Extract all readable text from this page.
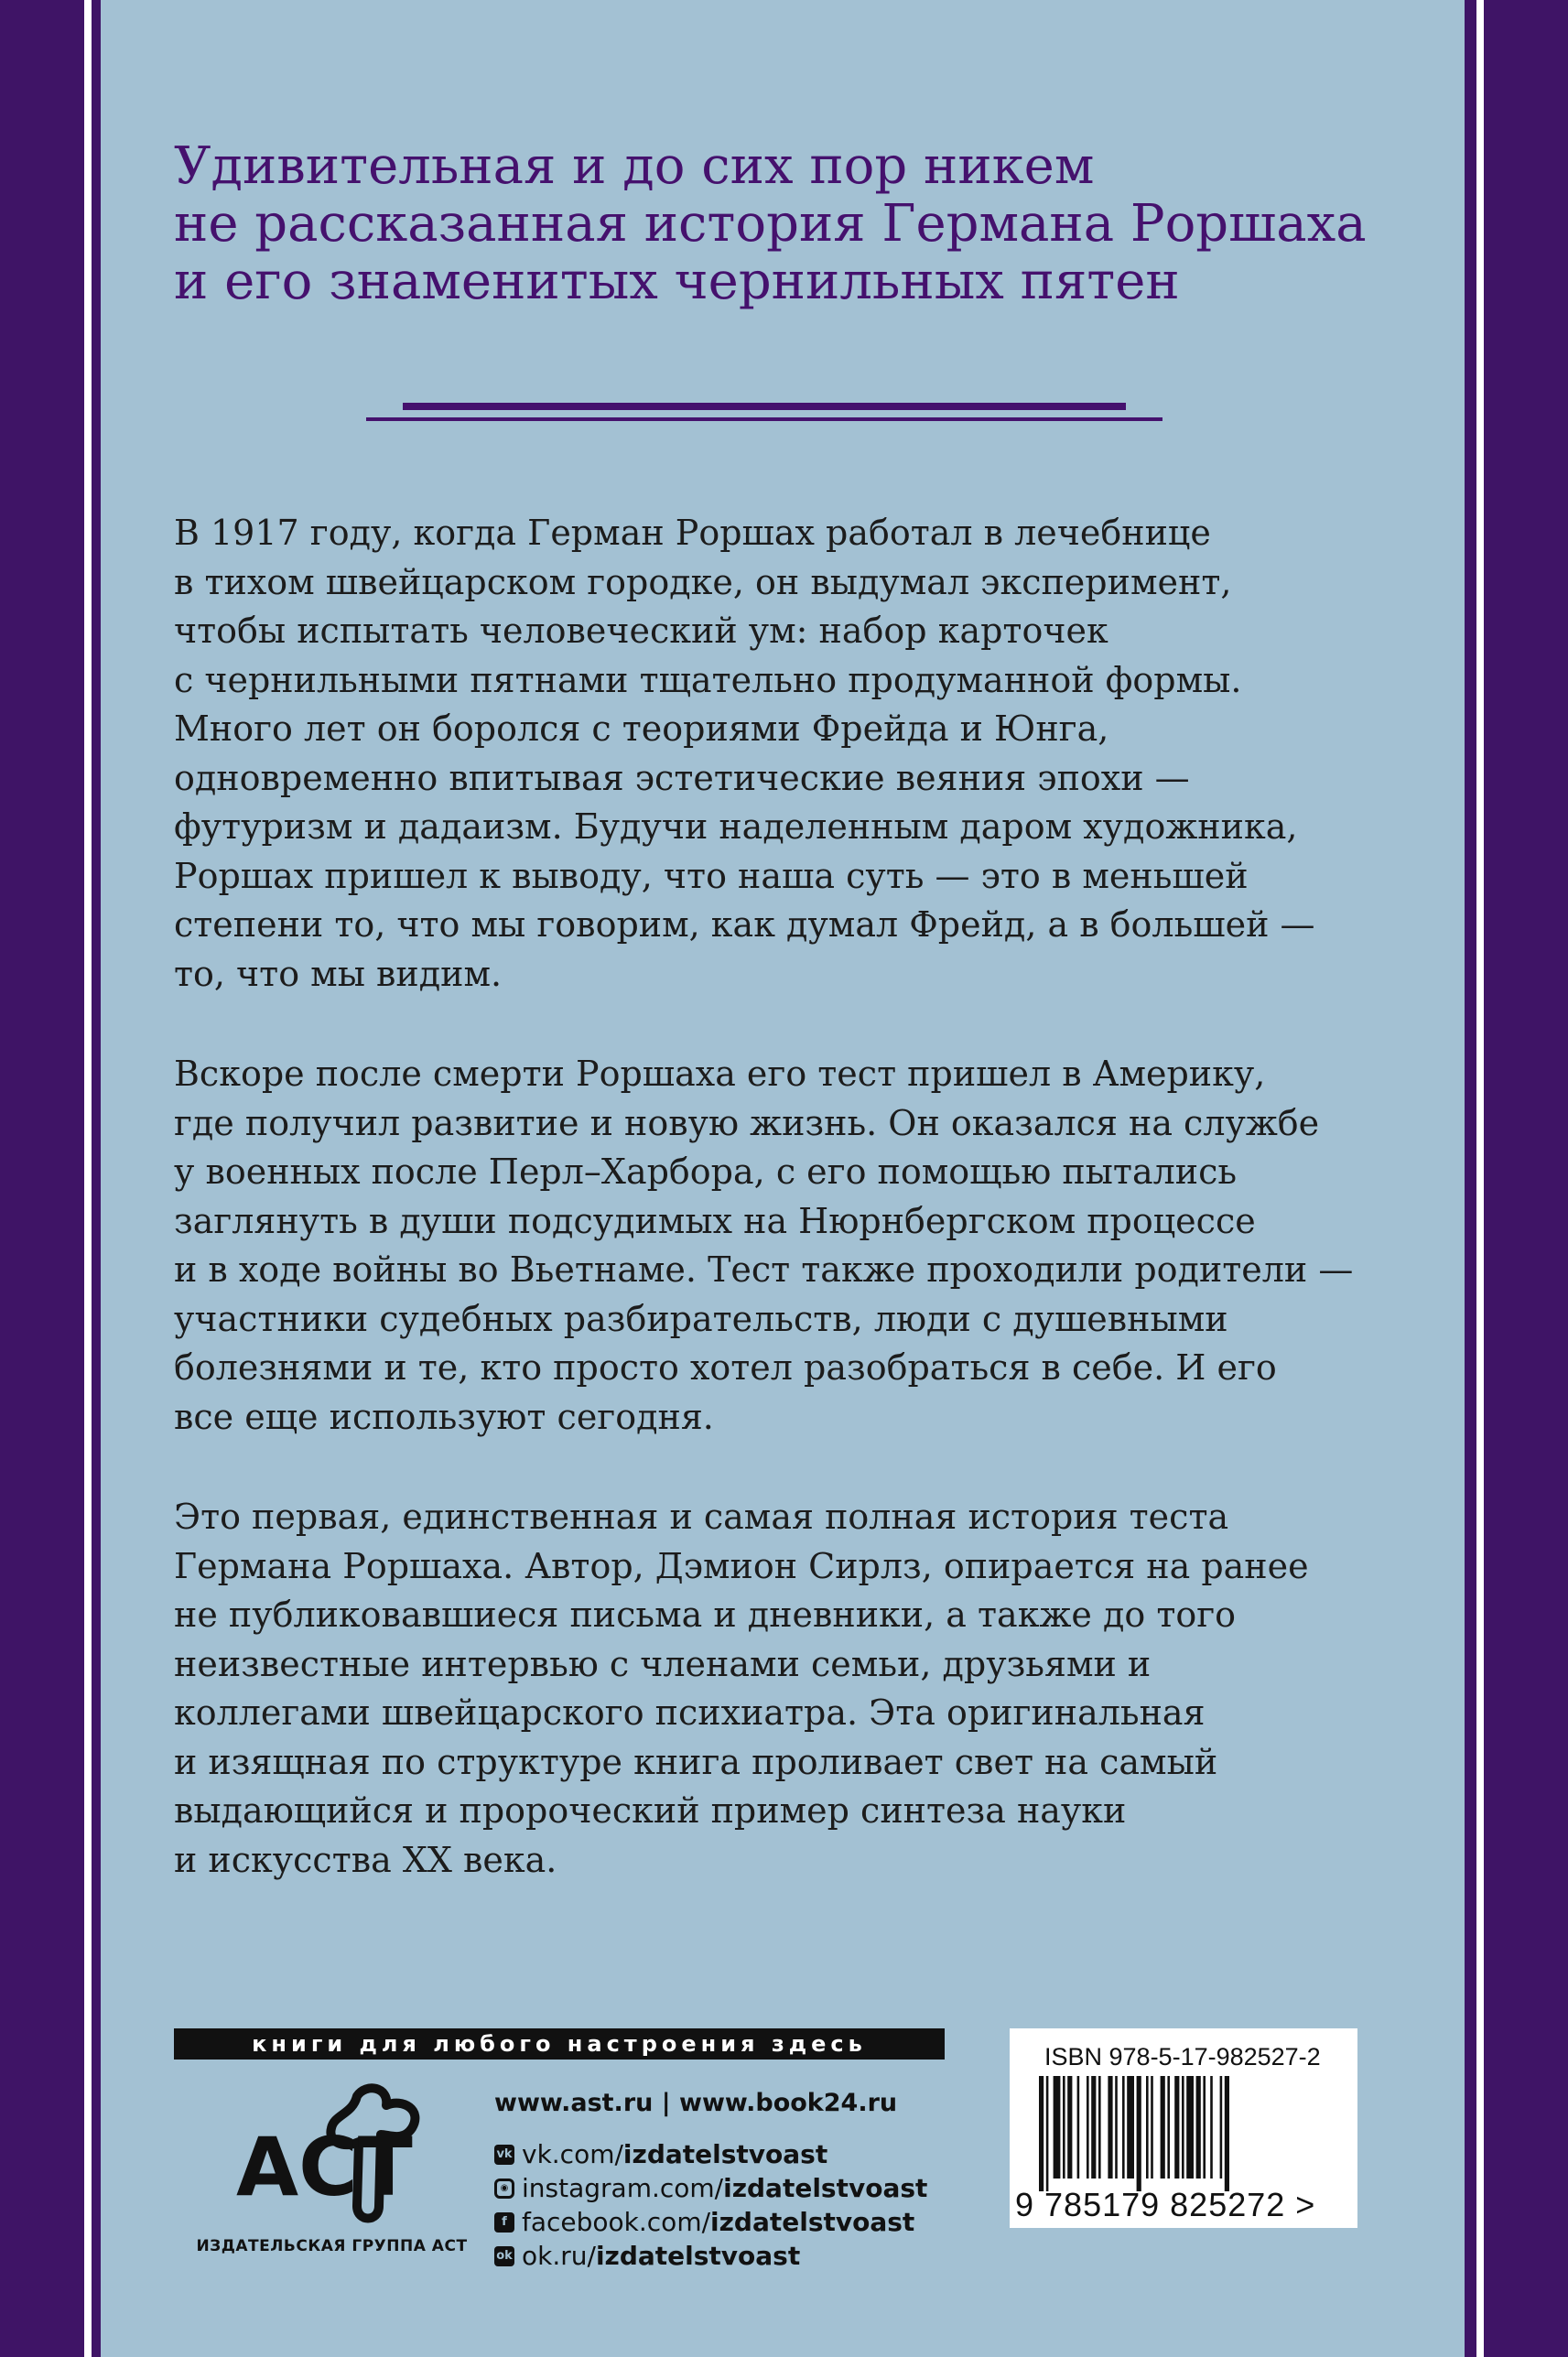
Удивительная и до сих пор никем
не рассказанная история Германа Роршаха
и его знаменитых чернильных пятен
В 1917 году, когда Герман Роршах работал в лечебнице
в тихом швейцарском городке, он выдумал эксперимент,
чтобы испытать человеческий ум: набор карточек
с чернильными пятнами тщательно продуманной формы.
Много лет он боролся с теориями Фрейда и Юнга,
одновременно впитывая эстетические веяния эпохи —
футуризм и дадаизм. Будучи наделенным даром художника,
Роршах пришел к выводу, что наша суть — это в меньшей
степени то, что мы говорим, как думал Фрейд, а в большей —
то, что мы видим.
Вскоре после смерти Роршаха его тест пришел в Америку,
где получил развитие и новую жизнь. Он оказался на службе
у военных после Перл–Харбора, с его помощью пытались
заглянуть в души подсудимых на Нюрнбергском процессе
и в ходе войны во Вьетнаме. Тест также проходили родители —
участники судебных разбирательств, люди с душевными
болезнями и те, кто просто хотел разобраться в себе. И его
все еще используют сегодня.
Это первая, единственная и самая полная история теста
Германа Роршаха. Автор, Дэмион Сирлз, опирается на ранее
не публиковавшиеся письма и дневники, а также до того
неизвестные интервью с членами семьи, друзьями и
коллегами швейцарского психиатра. Эта оригинальная
и изящная по структуре книга проливает свет на самый
выдающийся и пророческий пример синтеза науки
и искусства XX века.
книги для любого настроения здесь
ACT
ИЗДАТЕЛЬСКАЯ ГРУППА АСТ
www.ast.ru | www.book24.ru
vk vk.com/ izdatelstvoast
◉ instagram.com/ izdatelstvoast
f facebook.com/ izdatelstvoast
ok ok.ru/ izdatelstvoast
ISBN 978-5-17-982527-2
9 785179 825272 >
